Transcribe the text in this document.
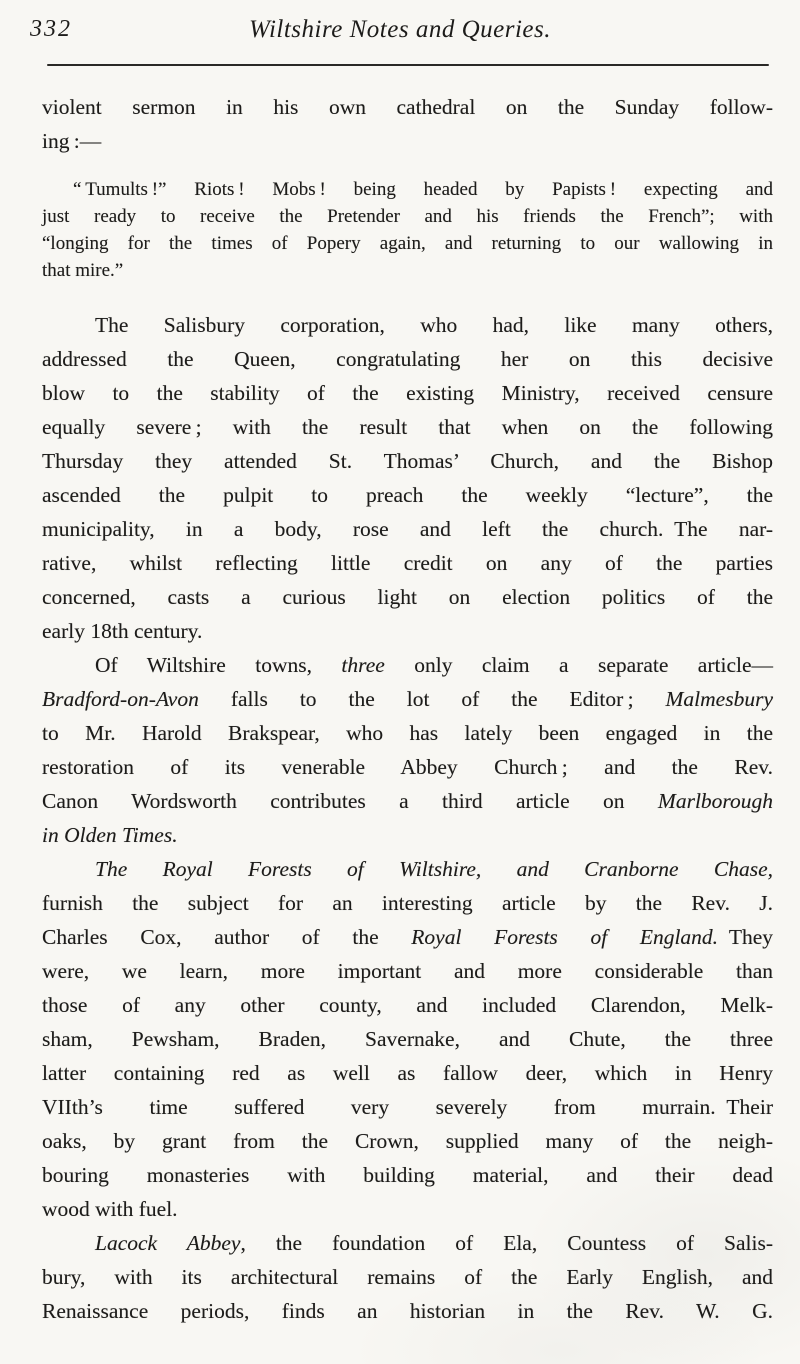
332	Wiltshire Notes and Queries.
violent sermon in his own cathedral on the Sunday follow-
ing :—
“ Tumults !” Riots ! Mobs ! being headed by Papists ! expecting and
just ready to receive the Pretender and his friends the French”; with
“longing for the times of Popery again, and returning to our wallowing in
that mire.”
The Salisbury corporation, who had, like many others,
addressed the Queen, congratulating her on this decisive
blow to the stability of the existing Ministry, received censure
equally severe ; with the result that when on the following
Thursday they attended St. Thomas’ Church, and the Bishop
ascended the pulpit to preach the weekly “lecture”, the
municipality, in a body, rose and left the church. The nar-
rative, whilst reflecting little credit on any of the parties
concerned, casts a curious light on election politics of the
early 18th century.
Of Wiltshire towns, three only claim a separate article—
Bradford-on-Avon falls to the lot of the Editor ; Malmesbury
to Mr. Harold Brakspear, who has lately been engaged in the
restoration of its venerable Abbey Church ; and the Rev.
Canon Wordsworth contributes a third article on Marlborough
in Olden Times.
The Royal Forests of Wiltshire, and Cranborne Chase,
furnish the subject for an interesting article by the Rev. J.
Charles Cox, author of the Royal Forests of England. They
were, we learn, more important and more considerable than
those of any other county, and included Clarendon, Melk-
sham, Pewsham, Braden, Savernake, and Chute, the three
latter containing red as well as fallow deer, which in Henry
VIIth’s time suffered very severely from murrain. Their
oaks, by grant from the Crown, supplied many of the neigh-
bouring monasteries with building material, and their dead
wood with fuel.
Lacock Abbey, the foundation of Ela, Countess of Salis-
bury, with its architectural remains of the Early English, and
Renaissance periods, finds an historian in the Rev. W. G.
